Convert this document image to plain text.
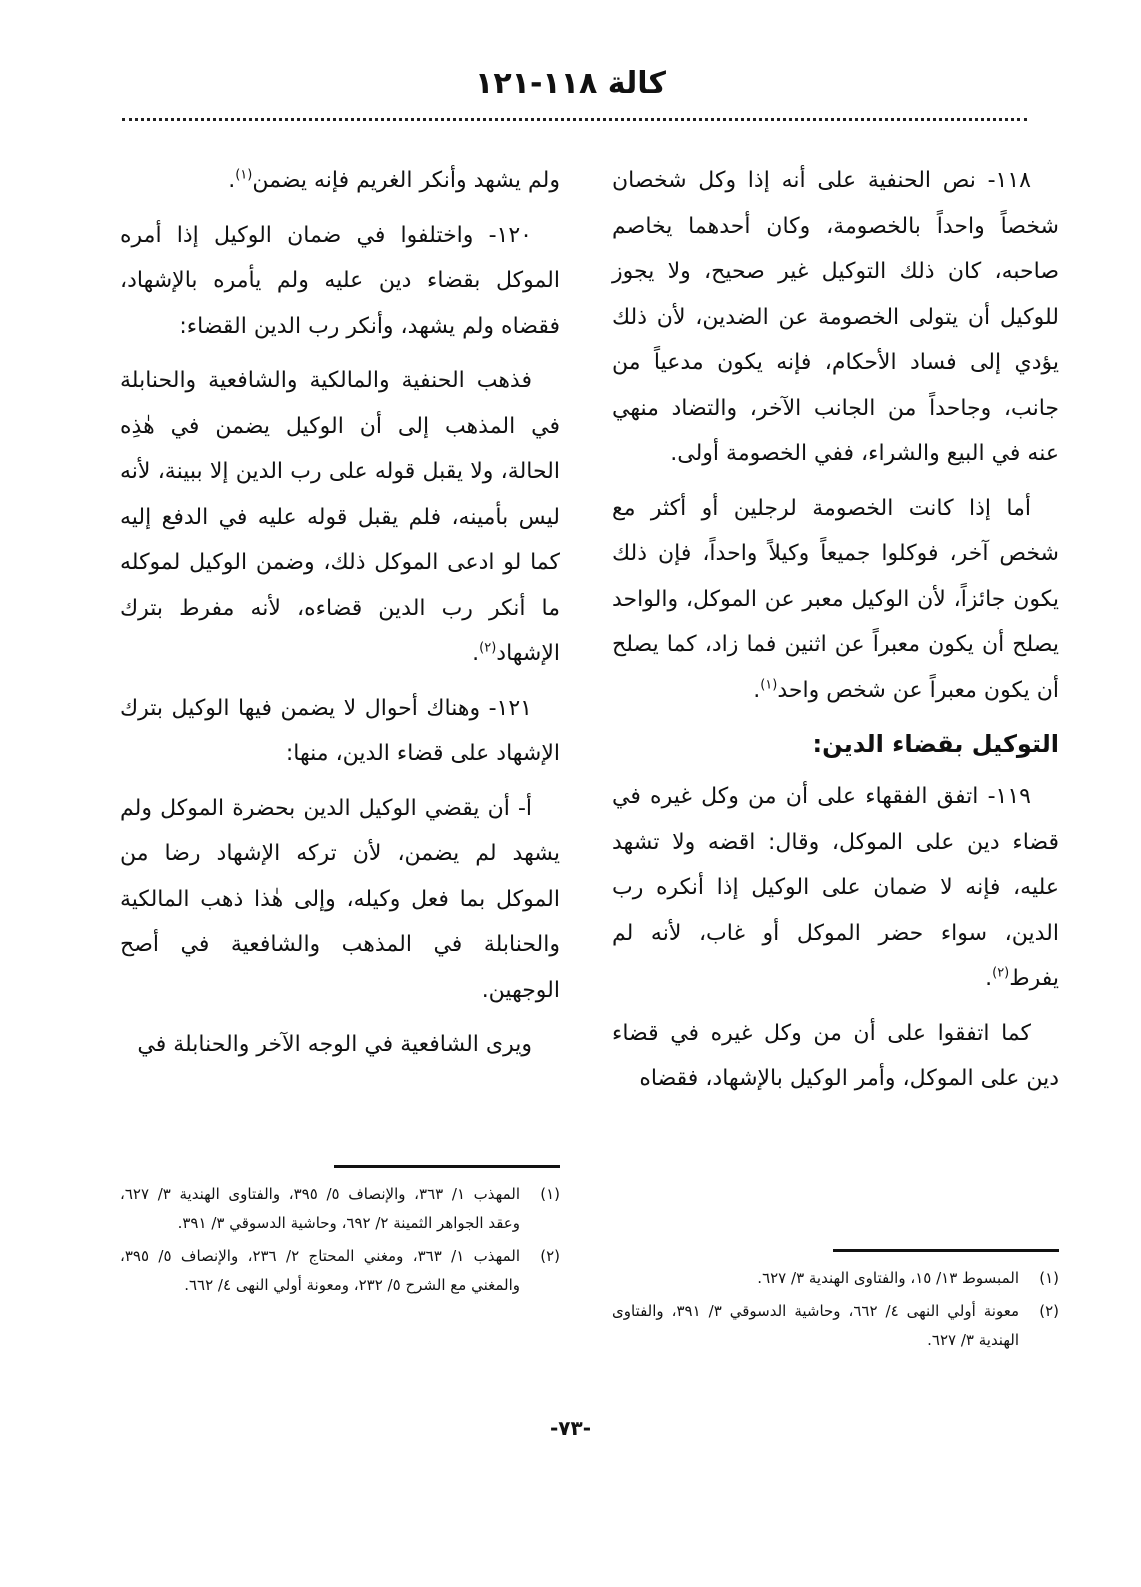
كالة ١١٨-١٢١

١١٨- نص الحنفية على أنه إذا وكل شخصان شخصاً واحداً بالخصومة، وكان أحدهما يخاصم صاحبه، كان ذلك التوكيل غير صحيح، ولا يجوز للوكيل أن يتولى الخصومة عن الضدين، لأن ذلك يؤدي إلى فساد الأحكام، فإنه يكون مدعياً من جانب، وجاحداً من الجانب الآخر، والتضاد منهي عنه في البيع والشراء، ففي الخصومة أولى.

أما إذا كانت الخصومة لرجلين أو أكثر مع شخص آخر، فوكلوا جميعاً وكيلاً واحداً، فإن ذلك يكون جائزاً، لأن الوكيل معبر عن الموكل، والواحد يصلح أن يكون معبراً عن اثنين فما زاد، كما يصلح أن يكون معبراً عن شخص واحد$^{(١)}$.

التوكيل بقضاء الدين:

١١٩- اتفق الفقهاء على أن من وكل غيره في قضاء دين على الموكل، وقال: اقضه ولا تشهد عليه، فإنه لا ضمان على الوكيل إذا أنكره رب الدين، سواء حضر الموكل أو غاب، لأنه لم يفرط$^{(٢)}$.

كما اتفقوا على أن من وكل غيره في قضاء دين على الموكل، وأمر الوكيل بالإشهاد، فقضاه

ولم يشهد وأنكر الغريم فإنه يضمن$^{(١)}$.

١٢٠- واختلفوا في ضمان الوكيل إذا أمره الموكل بقضاء دين عليه ولم يأمره بالإشهاد، فقضاه ولم يشهد، وأنكر رب الدين القضاء:

فذهب الحنفية والمالكية والشافعية والحنابلة في المذهب إلى أن الوكيل يضمن في هٰذِه الحالة، ولا يقبل قوله على رب الدين إلا ببينة، لأنه ليس بأمينه، فلم يقبل قوله عليه في الدفع إليه كما لو ادعى الموكل ذلك، وضمن الوكيل لموكله ما أنكر رب الدين قضاءه، لأنه مفرط بترك الإشهاد$^{(٢)}$.

١٢١- وهناك أحوال لا يضمن فيها الوكيل بترك الإشهاد على قضاء الدين، منها:

أ- أن يقضي الوكيل الدين بحضرة الموكل ولم يشهد لم يضمن، لأن تركه الإشهاد رضا من الموكل بما فعل وكيله، وإلى هٰذا ذهب المالكية والحنابلة في المذهب والشافعية في أصح الوجهين.

ويرى الشافعية في الوجه الآخر والحنابلة في

(١)
المبسوط ١٣/ ١٥، والفتاوى الهندية ٣/ ٦٢٧.
(٢)
معونة أولي النهى ٤/ ٦٦٢، وحاشية الدسوقي ٣/ ٣٩١، والفتاوى الهندية ٣/ ٦٢٧.
(١)
المهذب ١/ ٣٦٣، والإنصاف ٥/ ٣٩٥، والفتاوى الهندية ٣/ ٦٢٧، وعقد الجواهر الثمينة ٢/ ٦٩٢، وحاشية الدسوقي ٣/ ٣٩١.
(٢)
المهذب ١/ ٣٦٣، ومغني المحتاج ٢/ ٢٣٦، والإنصاف ٥/ ٣٩٥، والمغني مع الشرح ٥/ ٢٣٢، ومعونة أولي النهى ٤/ ٦٦٢.
-٧٣-
